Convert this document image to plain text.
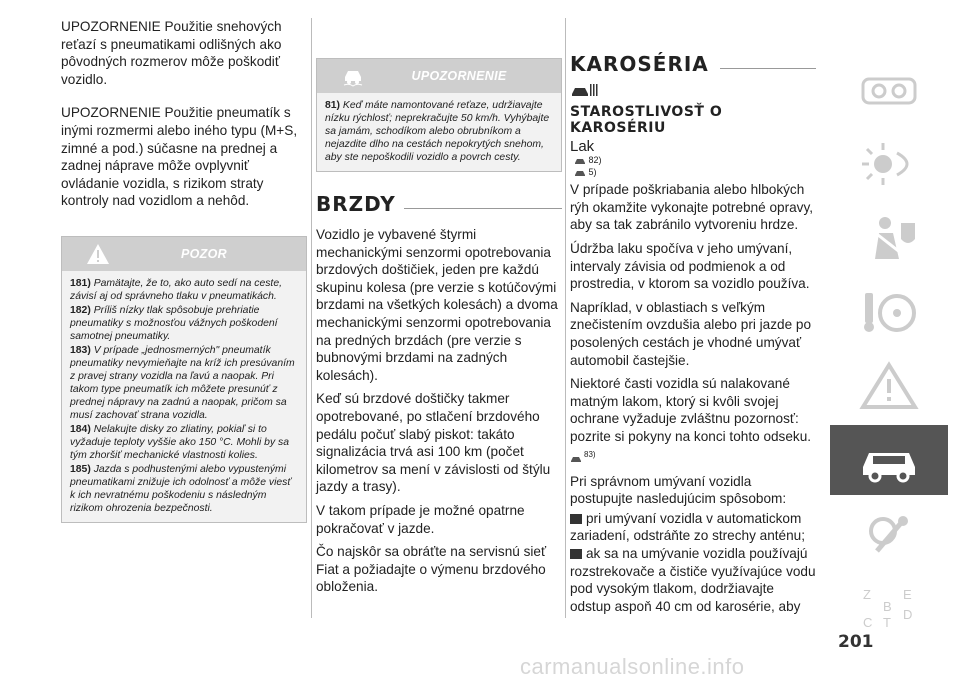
UPOZORNENIE Použitie snehových reťazí s pneumatikami odlišných ako pôvodných rozmerov môže poškodiť vozidlo.

UPOZORNENIE Použitie pneumatík s inými rozmermi alebo iného typu (M+S, zimné a pod.) súčasne na prednej a zadnej náprave môže ovplyvniť ovládanie vozidla, s rizikom straty kontroly nad vozidlom a nehôd.

POZOR

181) Pamätajte, že to, ako auto sedí na ceste, závisí aj od správneho tlaku v pneumatikách.

182) Príliš nízky tlak spôsobuje prehriatie pneumatiky s možnosťou vážnych poškodení samotnej pneumatiky.

183) V prípade „jednosmerných" pneumatík pneumatiky nevymieňajte na kríž ich presúvaním z pravej strany vozidla na ľavú a naopak. Pri takom type pneumatík ich môžete presunúť z prednej nápravy na zadnú a naopak, pričom sa musí zachovať strana vozidla.

184) Nelakujte disky zo zliatiny, pokiaľ si to vyžaduje teploty vyššie ako 150 °C. Mohli by sa tým zhoršiť mechanické vlastnosti kolies.

185) Jazda s podhustenými alebo vypustenými pneumatikami znižuje ich odolnosť a môže viesť k ich nevratnému poškodeniu s následným rizikom ohrozenia bezpečnosti.

UPOZORNENIE

81) Keď máte namontované reťaze, udržiavajte nízku rýchlosť; neprekračujte 50 km/h. Vyhýbajte sa jamám, schodíkom alebo obrubníkom a nejazdite dlho na cestách nepokrytých snehom, aby ste nepoškodili vozidlo a povrch cesty.

BRZDY

Vozidlo je vybavené štyrmi mechanickými senzormi opotrebovania brzdových doštičiek, jeden pre každú skupinu kolesa (pre verzie s kotúčovými brzdami na všetkých kolesách) a dvoma mechanickými senzormi opotrebovania na predných brzdách (pre verzie s bubnovými brzdami na zadných kolesách).

Keď sú brzdové doštičky takmer opotrebované, po stlačení brzdového pedálu počuť slabý piskot: takáto signalizácia trvá asi 100 km (počet kilometrov sa mení v závislosti od štýlu jazdy a trasy).

V takom prípade je možné opatrne pokračovať v jazde.

Čo najskôr sa obráťte na servisnú sieť Fiat a požiadajte o výmenu brzdového obloženia.

KAROSÉRIA
STAROSTLIVOSŤ O
KAROSÉRIU

Lak

82)
5)

V prípade poškriabania alebo hlbokých rýh okamžite vykonajte potrebné opravy, aby sa tak zabránilo vytvoreniu hrdze.

Údržba laku spočíva v jeho umývaní, intervaly závisia od podmienok a od prostredia, v ktorom sa vozidlo používa.

Napríklad, v oblastiach s veľkým znečistením ovzdušia alebo pri jazde po posolených cestách je vhodné umývať automobil častejšie.

Niektoré časti vozidla sú nalakované matným lakom, ktorý si kvôli svojej ochrane vyžaduje zvláštnu pozornosť: pozrite si pokyny na konci tohto odseku. $^{83)}$

Pri správnom umývaní vozidla postupujte nasledujúcim spôsobom:

pri umývaní vozidla v automatickom zariadení, odstráňte zo strechy anténu;

ak sa na umývanie vozidla používajú rozstrekovače a čističe využívajúce vodu pod vysokým tlakom, dodržiavajte odstup aspoň 40 cm od karosérie, aby

Z E
B
C T
D
201
carmanualsonline.info
